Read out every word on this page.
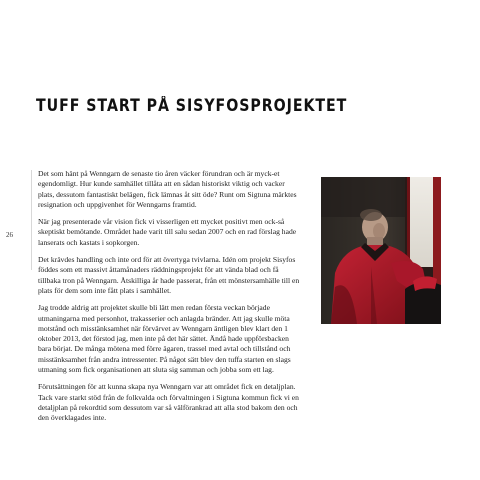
TUFF START PÅ SISYFOSPROJEKTET
26

Det som hänt på Wenngarn de senaste tio åren väcker förundran och är myck-et egendomligt. Hur kunde samhället tillåta att en sådan historiskt viktig och vacker plats, dessutom fantastiskt belägen, fick lämnas åt sitt öde? Runt om Sigtuna märktes resignation och uppgivenhet för Wenngarns framtid.

När jag presenterade vår vision fick vi visserligen ett mycket positivt men ock-så skeptiskt bemötande. Området hade varit till salu sedan 2007 och en rad förslag hade lanserats och kastats i sopkorgen.

Det krävdes handling och inte ord för att övertyga tvivlarna. Idén om projekt Sisyfos föddes som ett massivt åttamånaders räddningsprojekt för att vända blad och få tillbaka tron på Wenngarn. Åtskilliga år hade passerat, från ett mönstersamhälle till en plats för dem som inte fått plats i samhället.

Jag trodde aldrig att projektet skulle bli lätt men redan första veckan började utmaningarna med personhot, trakasserier och anlagda bränder. Att jag skulle möta motstånd och misstänksamhet när förvärvet av Wenngarn äntligen blev klart den 1 oktober 2013, det förstod jag, men inte på det här sättet. Ändå hade uppförsbacken bara börjat. De många mötena med förre ägaren, trassel med avtal och tillstånd och misstänksamhet från andra intressenter. På något sätt blev den tuffa starten en slags utmaning som fick organisationen att sluta sig samman och jobba som ett lag.

Förutsättningen för att kunna skapa nya Wenngarn var att området fick en detaljplan. Tack vare starkt stöd från de folkvalda och förvaltningen i Sigtuna kommun fick vi en detaljplan på rekordtid som dessutom var så välförankrad att alla stod bakom den och den överklagades inte.
